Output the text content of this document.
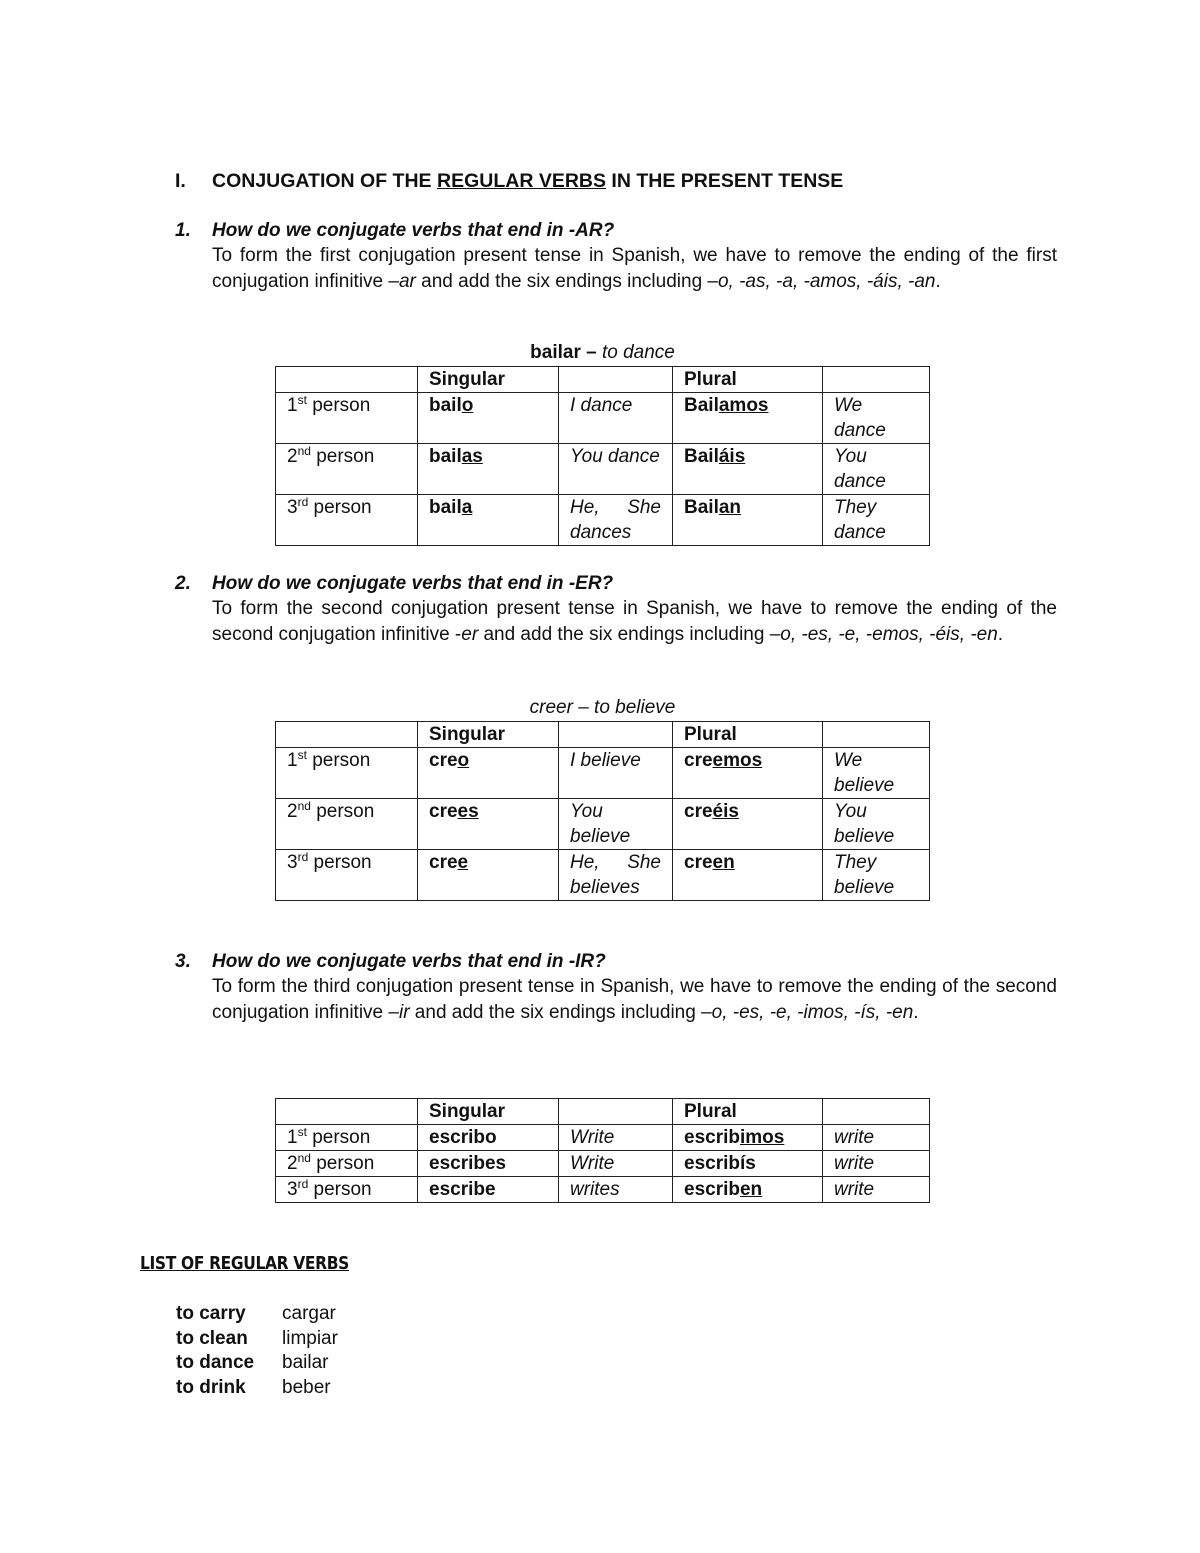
I. CONJUGATION OF THE REGULAR VERBS IN THE PRESENT TENSE
1. How do we conjugate verbs that end in -AR?
To form the first conjugation present tense in Spanish, we have to remove the ending of the first conjugation infinitive –ar and add the six endings including –o, -as, -a, -amos, -áis, -an.
bailar – to dance
	Singular		Plural	
1st person	bailo	I dance	Bailamos	We dance
2nd person	bailas	You dance	Bailáis	You dance
3rd person	baila	He, She dances	Bailan	They dance
2. How do we conjugate verbs that end in -ER?
To form the second conjugation present tense in Spanish, we have to remove the ending of the second conjugation infinitive -er and add the six endings including –o, -es, -e, -emos, -éis, -en.
creer – to believe
	Singular		Plural	
1st person	creo	I believe	creemos	We believe
2nd person	crees	You believe	creéis	You believe
3rd person	cree	He, She believes	creen	They believe
3. How do we conjugate verbs that end in -IR?
To form the third conjugation present tense in Spanish, we have to remove the ending of the second conjugation infinitive –ir and add the six endings including –o, -es, -e, -imos, -ís, -en.
	Singular		Plural	
1st person	escribo	Write	escribimos	write
2nd person	escribes	Write	escribís	write
3rd person	escribe	writes	escriben	write
LIST OF REGULAR VERBS
to carry cargar
to clean limpiar
to dance bailar
to drink beber
